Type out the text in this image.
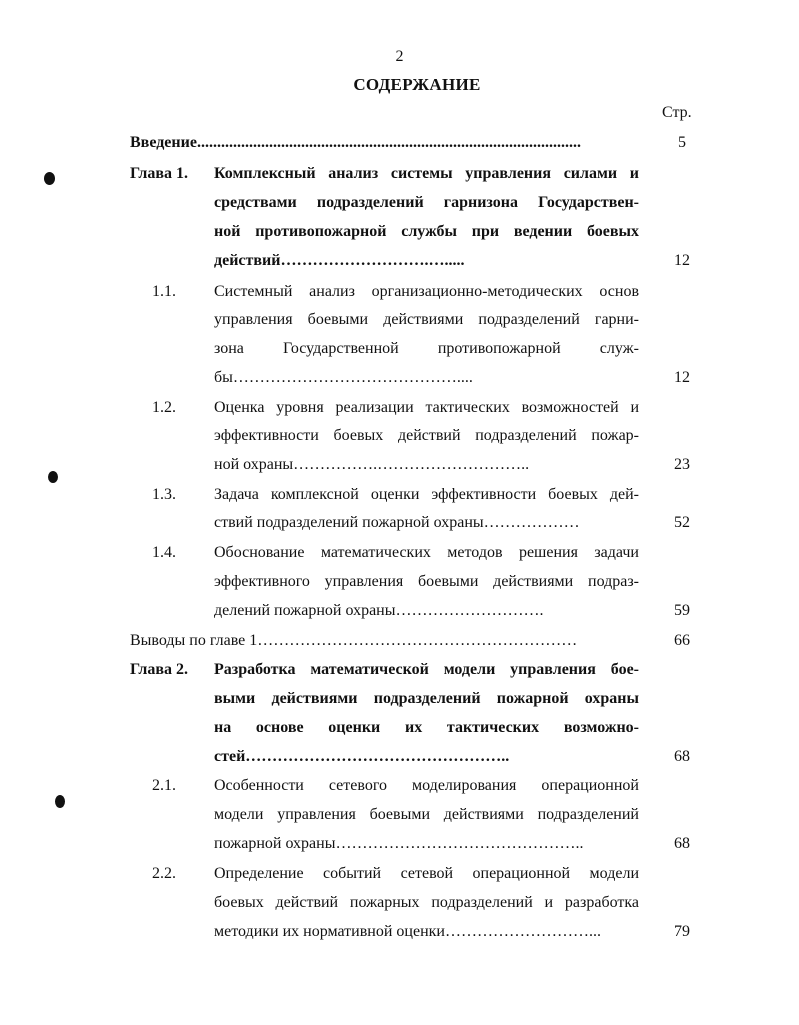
2
СОДЕРЖАНИЕ
Стр.
Введение................................................................................................	5
Глава 1. Комплексный анализ системы управления силами и
средствами подразделений гарнизона Государствен-
ной противопожарной службы при ведении боевых
действий……………………….….....	12
1.1. Системный анализ организационно-методических основ
управления боевыми действиями подразделений гарни-
зона Государственной противопожарной служ-
бы……………………………………....	12
1.2. Оценка уровня реализации тактических возможностей и
эффективности боевых действий подразделений пожар-
ной охраны…………….………………………..	23
1.3. Задача комплексной оценки эффективности боевых дей-
ствий подразделений пожарной охраны………………	52
1.4. Обоснование математических методов решения задачи
эффективного управления боевыми действиями подраз-
делений пожарной охраны……………………….	59
Выводы по главе 1……………………………………………………	66
Глава 2. Разработка математической модели управления бое-
выми действиями подразделений пожарной охраны
на основе оценки их тактических возможно-
стей…………………………………………..	68
2.1. Особенности сетевого моделирования операционной
модели управления боевыми действиями подразделений
пожарной охраны………………………………………..	68
2.2. Определение событий сетевой операционной модели
боевых действий пожарных подразделений и разработка
методики их нормативной оценки………………………...	79
